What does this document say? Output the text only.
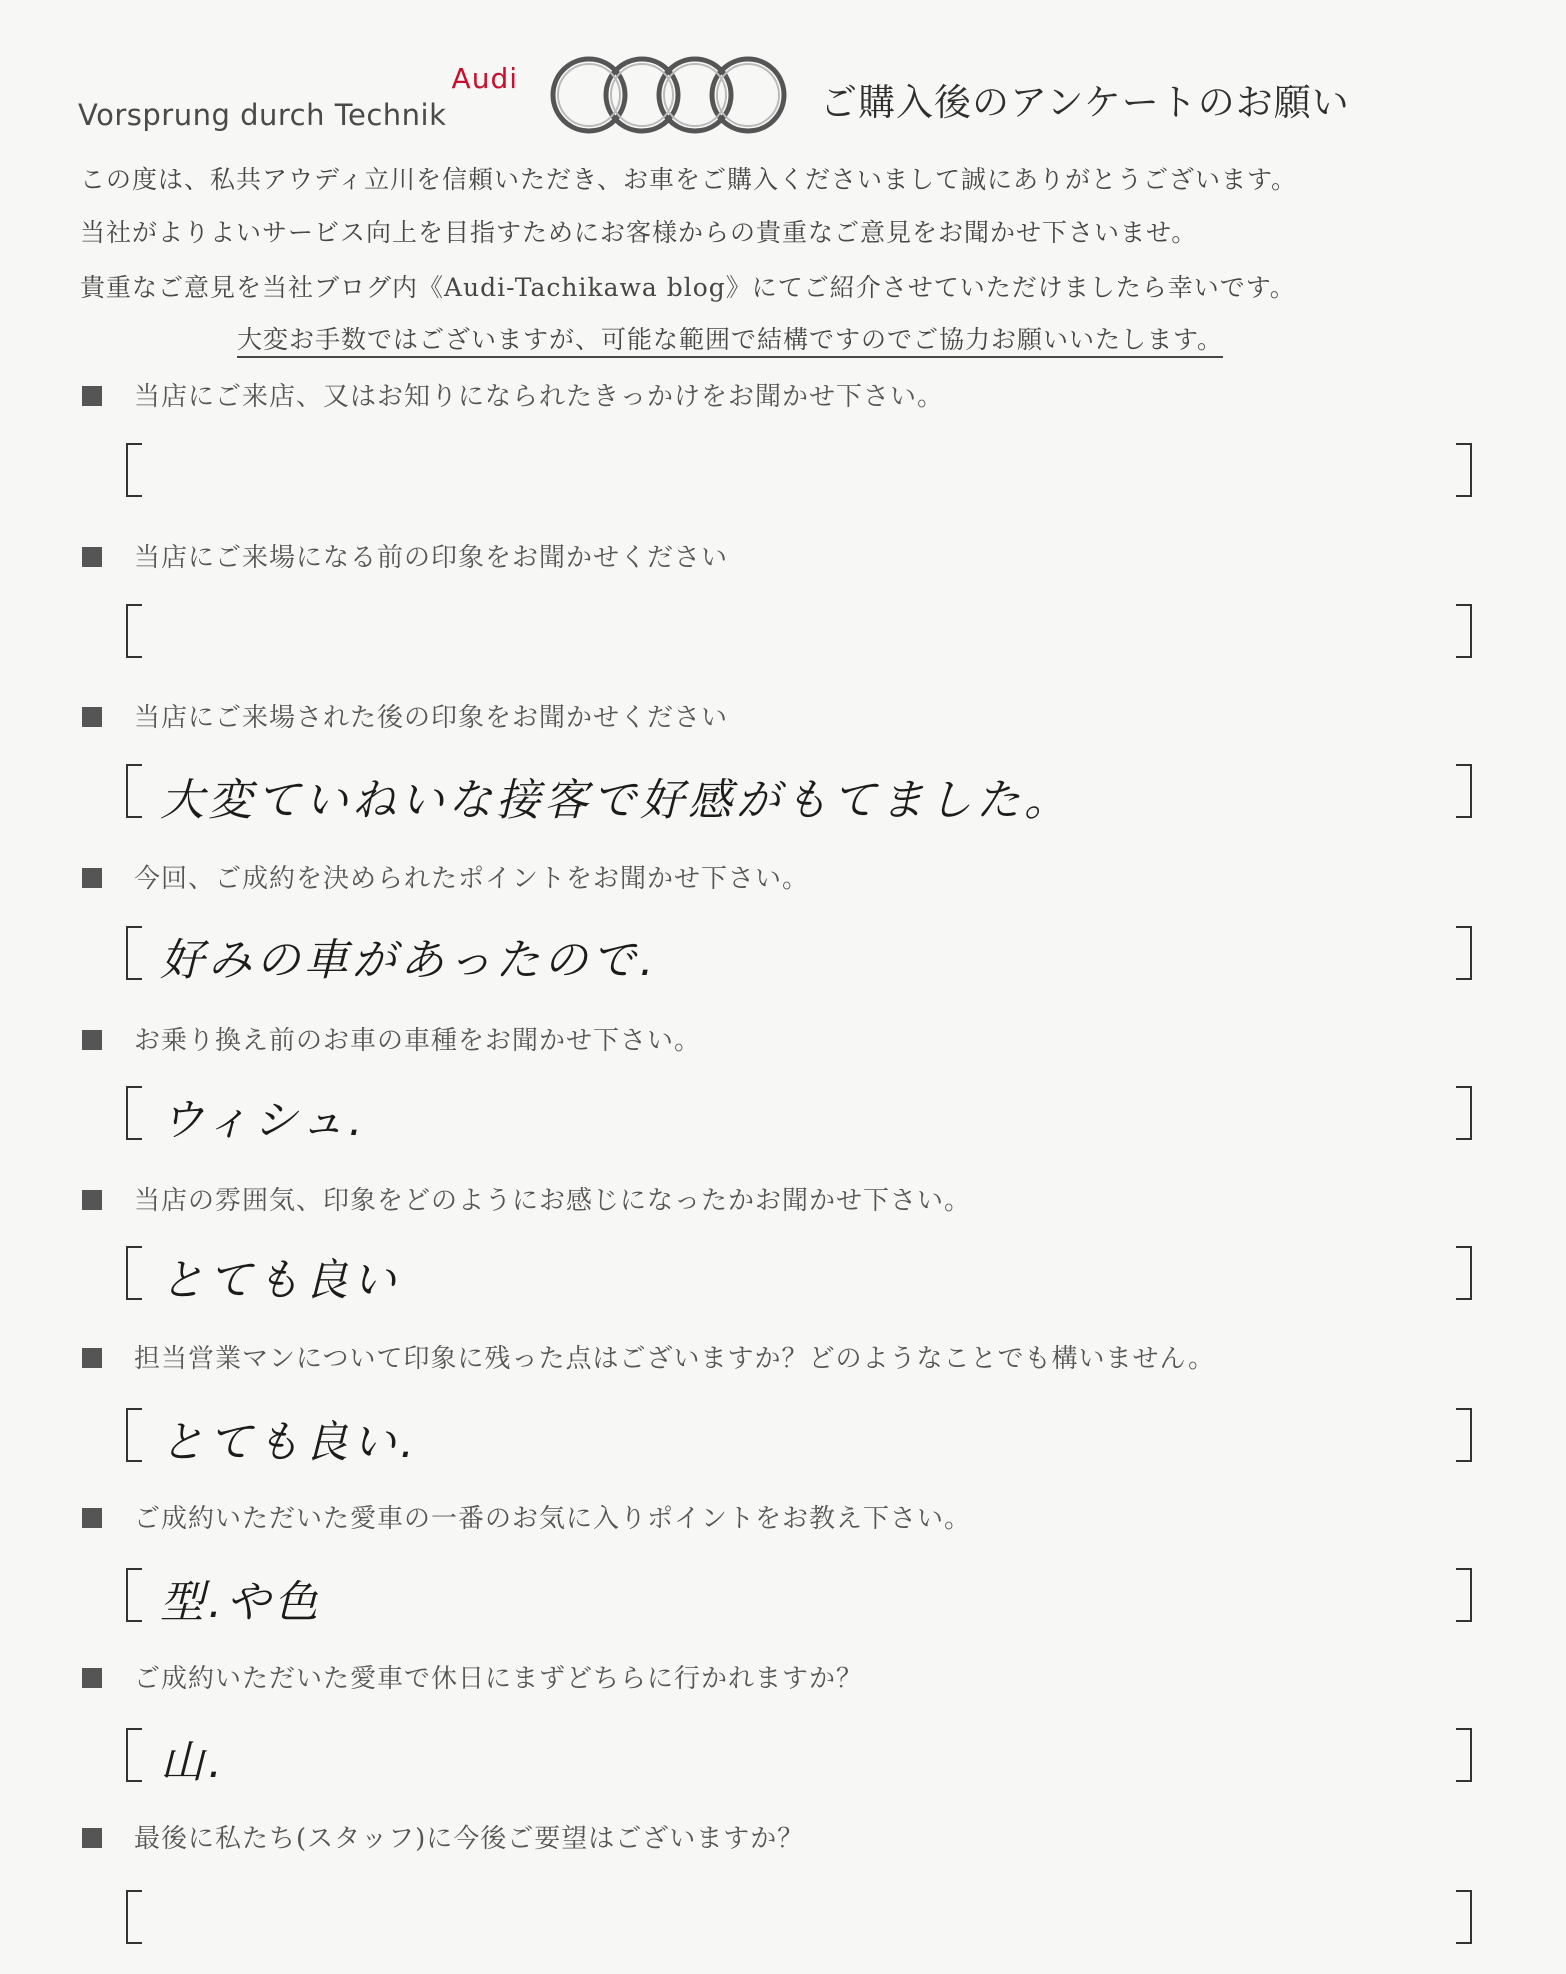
Audi
Vorsprung durch Technik	ご購入後のアンケートのお願い
この度は、私共アウディ立川を信頼いただき、お車をご購入くださいまして誠にありがとうございます。
当社がよりよいサービス向上を目指すためにお客様からの貴重なご意見をお聞かせ下さいませ。
貴重なご意見を当社ブログ内《Audi-Tachikawa blog》にてご紹介させていただけましたら幸いです。
大変お手数ではございますが、可能な範囲で結構ですのでご協力お願いいたします。
当店にご来店、又はお知りになられたきっかけをお聞かせ下さい。
当店にご来場になる前の印象をお聞かせください
当店にご来場された後の印象をお聞かせください
大変ていねいな接客で好感がもてました。
今回、ご成約を決められたポイントをお聞かせ下さい。
好みの車があったので.
お乗り換え前のお車の車種をお聞かせ下さい。
ウィシュ.
当店の雰囲気、印象をどのようにお感じになったかお聞かせ下さい。
とても良い
担当営業マンについて印象に残った点はございますか？どのようなことでも構いません。
とても良い.
ご成約いただいた愛車の一番のお気に入りポイントをお教え下さい。
型.や色
ご成約いただいた愛車で休日にまずどちらに行かれますか？
山.
最後に私たち(スタッフ)に今後ご要望はございますか？
